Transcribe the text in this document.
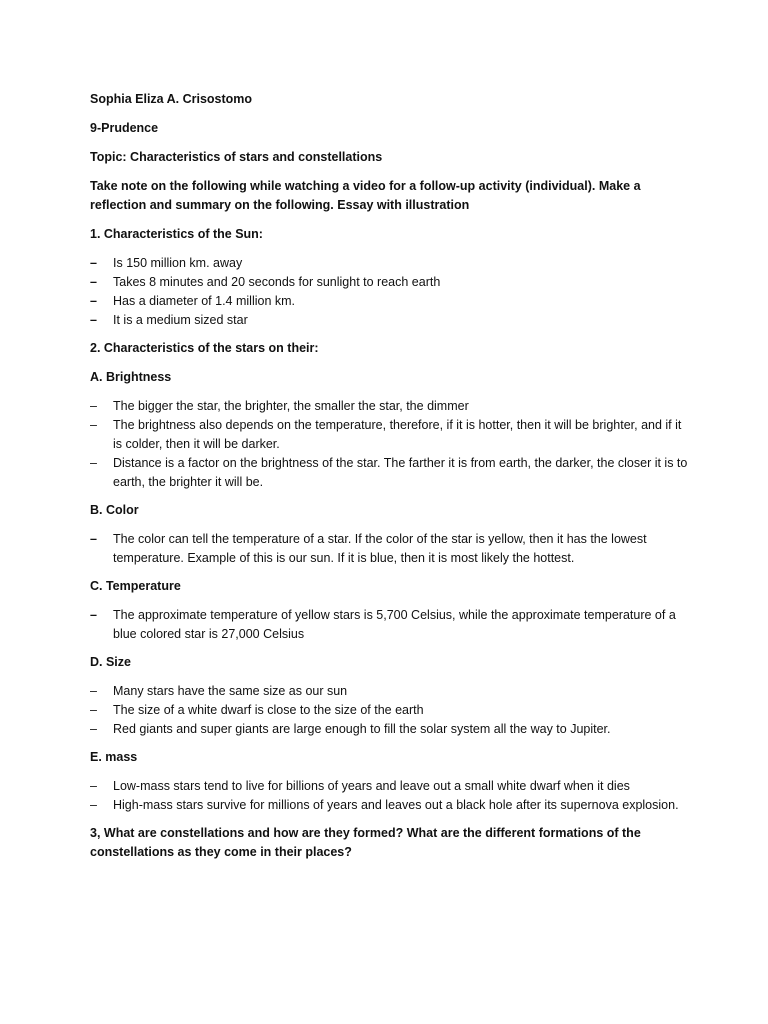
Sophia Eliza A. Crisostomo

9-Prudence

Topic: Characteristics of stars and constellations

Take note on the following while watching a video for a follow-up activity (individual). Make a reflection and summary on the following. Essay with illustration

1. Characteristics of the Sun:

–	Is 150 million km. away
–	Takes 8 minutes and 20 seconds for sunlight to reach earth
–	Has a diameter of 1.4 million km.
–	It is a medium sized star

2. Characteristics of the stars on their:

A. Brightness

–	The bigger the star, the brighter, the smaller the star, the dimmer
–	The brightness also depends on the temperature, therefore, if it is hotter, then it will be brighter, and if it is colder, then it will be darker.
–	Distance is a factor on the brightness of the star. The farther it is from earth, the darker, the closer it is to earth, the brighter it will be.

B. Color

–	The color can tell the temperature of a star. If the color of the star is yellow, then it has the lowest temperature. Example of this is our sun. If it is blue, then it is most likely the hottest.

C. Temperature

–	The approximate temperature of yellow stars is 5,700 Celsius, while the approximate temperature of a blue colored star is 27,000 Celsius

D. Size

–	Many stars have the same size as our sun
–	The size of a white dwarf is close to the size of the earth
–	Red giants and super giants are large enough to fill the solar system all the way to Jupiter.

E. mass

–	Low-mass stars tend to live for billions of years and leave out a small white dwarf when it dies
–	High-mass stars survive for millions of years and leaves out a black hole after its supernova explosion.

3, What are constellations and how are they formed? What are the different formations of the constellations as they come in their places?
